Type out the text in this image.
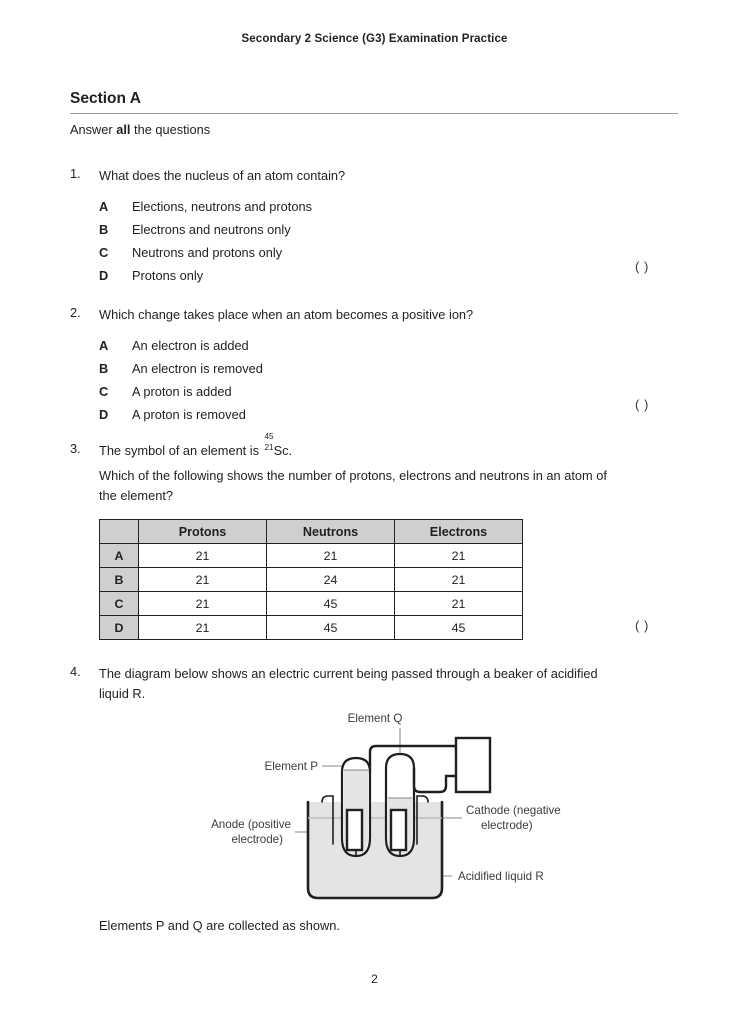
Secondary 2 Science (G3) Examination Practice
Section A
Answer all the questions
1.	What does the nucleus of an atom contain?
A	Elections, neutrons and protons
B	Electrons and neutrons only
C	Neutrons and protons only
D	Protons only
( )
2.	Which change takes place when an atom becomes a positive ion?
A	An electron is added
B	An electron is removed
C	A proton is added
D	A proton is removed
( )
3.	The symbol of an element is
45
21 Sc.
Which of the following shows the number of protons, electrons and neutrons in an atom of
the element?
	Protons	Neutrons	Electrons
A	21	21	21
B	21	24	21
C	21	45	21
D	21	45	45	( )
4.	The diagram below shows an electric current being passed through a beaker of acidified
liquid R.
Element Q
Element P
Anode (positive
electrode)
Cathode (negative
electrode)
Acidified liquid R
Elements P and Q are collected as shown.
2
